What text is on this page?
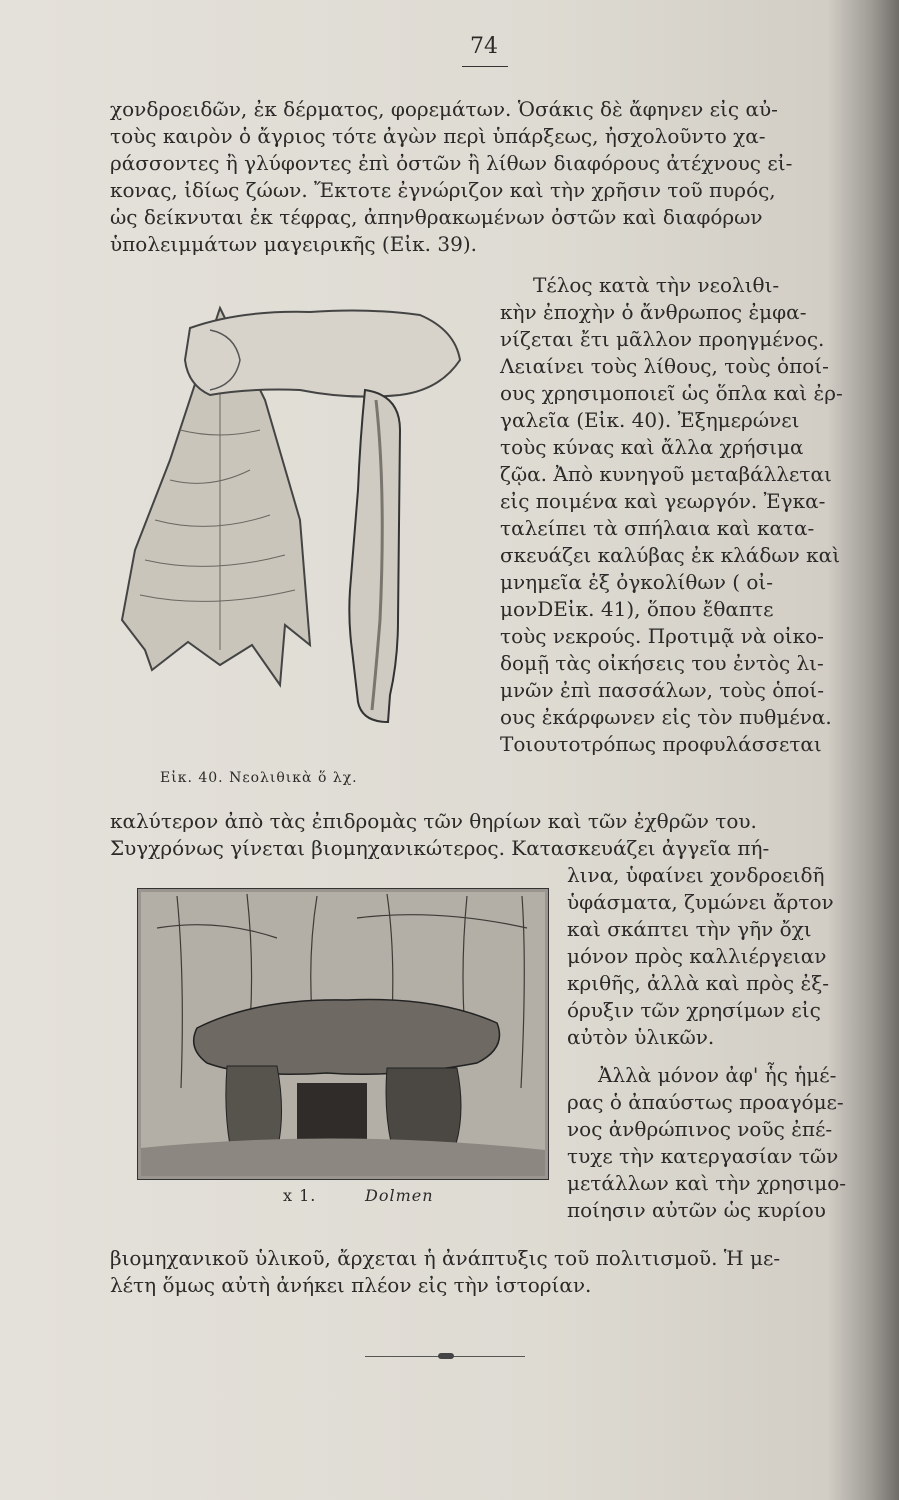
74
χονδροειδῶν, ἐκ δέρματος, φορεμάτων. Ὁσάκις δὲ ἄφηνεν εἰς αὐ-
τοὺς καιρὸν ὁ ἄγριος τότε ἀγὼν περὶ ὑπάρξεως, ἠσχολοῦντο χα-
ράσσοντες ἢ γλύφοντες ἐπὶ ὀστῶν ἢ λίθων διαφόρους ἀτέχνους εἰ-
κονας, ἰδίως ζώων. Ἔκτοτε ἐγνώριζον καὶ τὴν χρῆσιν τοῦ πυρός,
ὡς δείκνυται ἐκ τέφρας, ἀπηνθρακωμένων ὀστῶν καὶ διαφόρων
ὑπολειμμάτων μαγειρικῆς (Εἰκ. 39).
Τέλος κατὰ τὴν νεολιθι-
κὴν ἐποχὴν ὁ ἄνθρωπος ἐμφα-
νίζεται ἔτι μᾶλλον προηγμένος.
Λειαίνει τοὺς λίθους, τοὺς ὁποί-
ους χρησιμοποιεῖ ὡς ὅπλα καὶ ἐρ-
γαλεῖα (Εἰκ. 40). Ἐξημερώνει
τοὺς κύνας καὶ ἄλλα χρήσιμα
ζῷα. Ἀπὸ κυνηγοῦ μεταβάλλεται
εἰς ποιμένα καὶ γεωργόν. Ἐγκα-
ταλείπει τὰ σπήλαια καὶ κατα-
σκευάζει καλύβας ἐκ κλάδων καὶ
μνημεῖα ἐξ ὀγκολίθων ( οἰ-
μονDΕἰκ. 41), ὅπου ἔθαπτε
τοὺς νεκρούς. Προτιμᾷ νὰ οἰκο-
δομῇ τὰς οἰκήσεις του ἐντὸς λι-
μνῶν ἐπὶ πασσάλων, τοὺς ὁποί-
ους ἐκάρφωνεν εἰς τὸν πυθμένα.
Τοιουτοτρόπως προφυλάσσεται
Εἰκ. 40. Νεολιθικὰ ὅ λχ.
καλύτερον ἀπὸ τὰς ἐπιδρομὰς τῶν θηρίων καὶ τῶν ἐχθρῶν του.
Συγχρόνως γίνεται βιομηχανικώτερος. Κατασκευάζει ἀγγεῖα πή-
λινα, ὑφαίνει χονδροειδῆ
ὑφάσματα, ζυμώνει ἄρτον
καὶ σκάπτει τὴν γῆν ὄχι
μόνον πρὸς καλλιέργειαν
κριθῆς, ἀλλὰ καὶ πρὸς ἐξ-
όρυξιν τῶν χρησίμων εἰς
αὐτὸν ὑλικῶν.
Ἀλλὰ μόνον ἀφ' ἧς ἡμέ-
ρας ὁ ἀπαύστως προαγόμε-
νος ἀνθρώπινος νοῦς ἐπέ-
τυχε τὴν κατεργασίαν τῶν
μετάλλων καὶ τὴν χρησιμο-
ποίησιν αὐτῶν ὡς κυρίου
x 1.	Dolmen
βιομηχανικοῦ ὑλικοῦ, ἄρχεται ἡ ἀνάπτυξις τοῦ πολιτισμοῦ. Ἡ με-
λέτη ὅμως αὐτὴ ἀνήκει πλέον εἰς τὴν ἱστορίαν.
